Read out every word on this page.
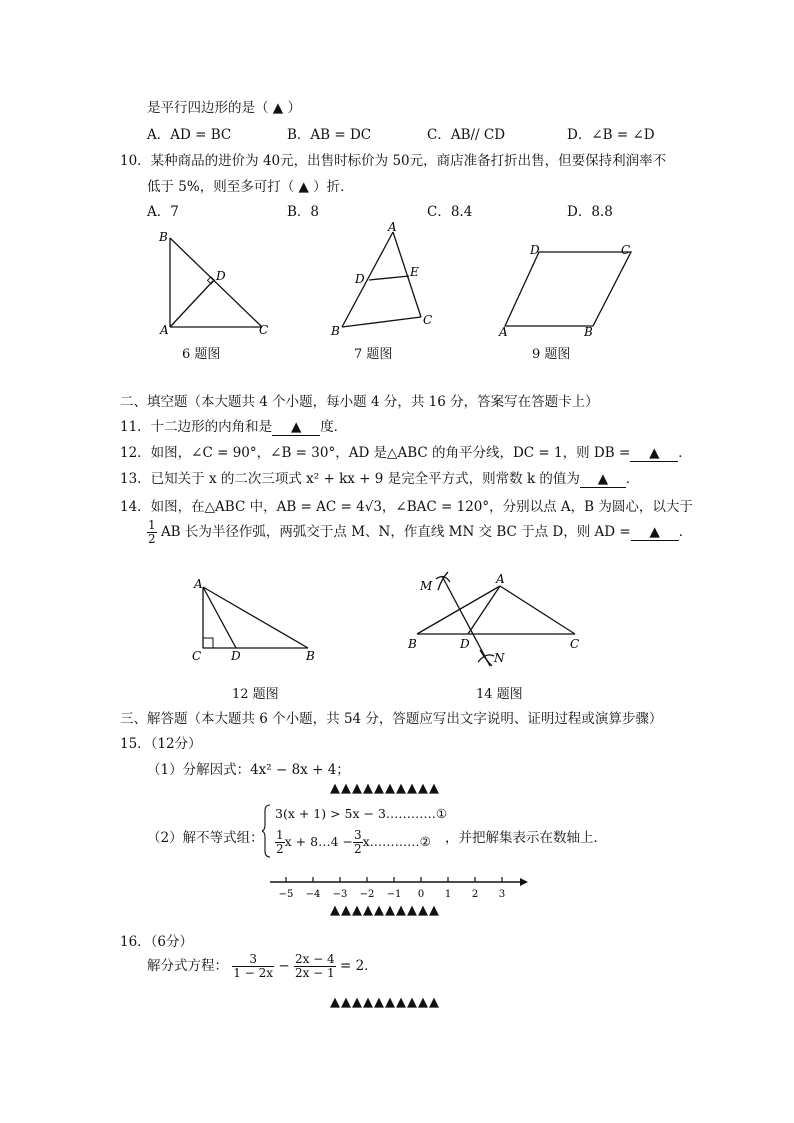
是平行四边形的是（ ▲ ）
A．AD = BC	B．AB = DC	C．AB// CD	D．∠B = ∠D
10．某种商品的进价为 40元，出售时标价为 50元，商店准备打折出售，但要保持利润率不
低于 5%，则至多可打（ ▲ ）折．
A．7	B．8	C．8.4	D．8.8
B
D
A	C
6 题图
A
D	E
B
C
7 题图
D	C
A	B
9 题图
二、填空题（本大题共 4 个小题，每小题 4 分，共 16 分，答案写在答题卡上）
11．十二边形的内角和是 ▲ 度．
12．如图，∠C = 90°，∠B = 30°，AD 是△ABC 的角平分线，DC = 1，则 DB = ▲ ．
13．已知关于 x 的二次三项式 x² + kx + 9 是完全平方式，则常数 k 的值为 ▲ ．
14．如图，在△ABC 中，AB = AC = 4√3，∠BAC = 120°，分别以点 A，B 为圆心，以大于
$\frac{1}{2}$ AB 长为半径作弧，两弧交于点 M、N，作直线 MN 交 BC 于点 D，则 AD = ▲ ．
A
C D	B
12 题图
M	A
B	D	C
N
14 题图
三、解答题（本大题共 6 个小题，共 54 分，答题应写出文字说明、证明过程或演算步骤）
15．（12分）
（1）分解因式：4x² − 8x + 4；
▲▲▲▲▲▲▲▲▲▲
（2）解不等式组：
3(x + 1) > 5x − 3…………①
$\frac{1}{2}$ x + 8…4 − $\frac{3}{2}$ x…………② ，并把解集表示在数轴上．
−5 −4 −3 −2 −1 0 1 2 3
▲▲▲▲▲▲▲▲▲▲
16．（6分）
解分式方程： $\frac{3}{1 - 2x} - \frac{2x - 4}{2x - 1} = 2$．
▲▲▲▲▲▲▲▲▲▲
